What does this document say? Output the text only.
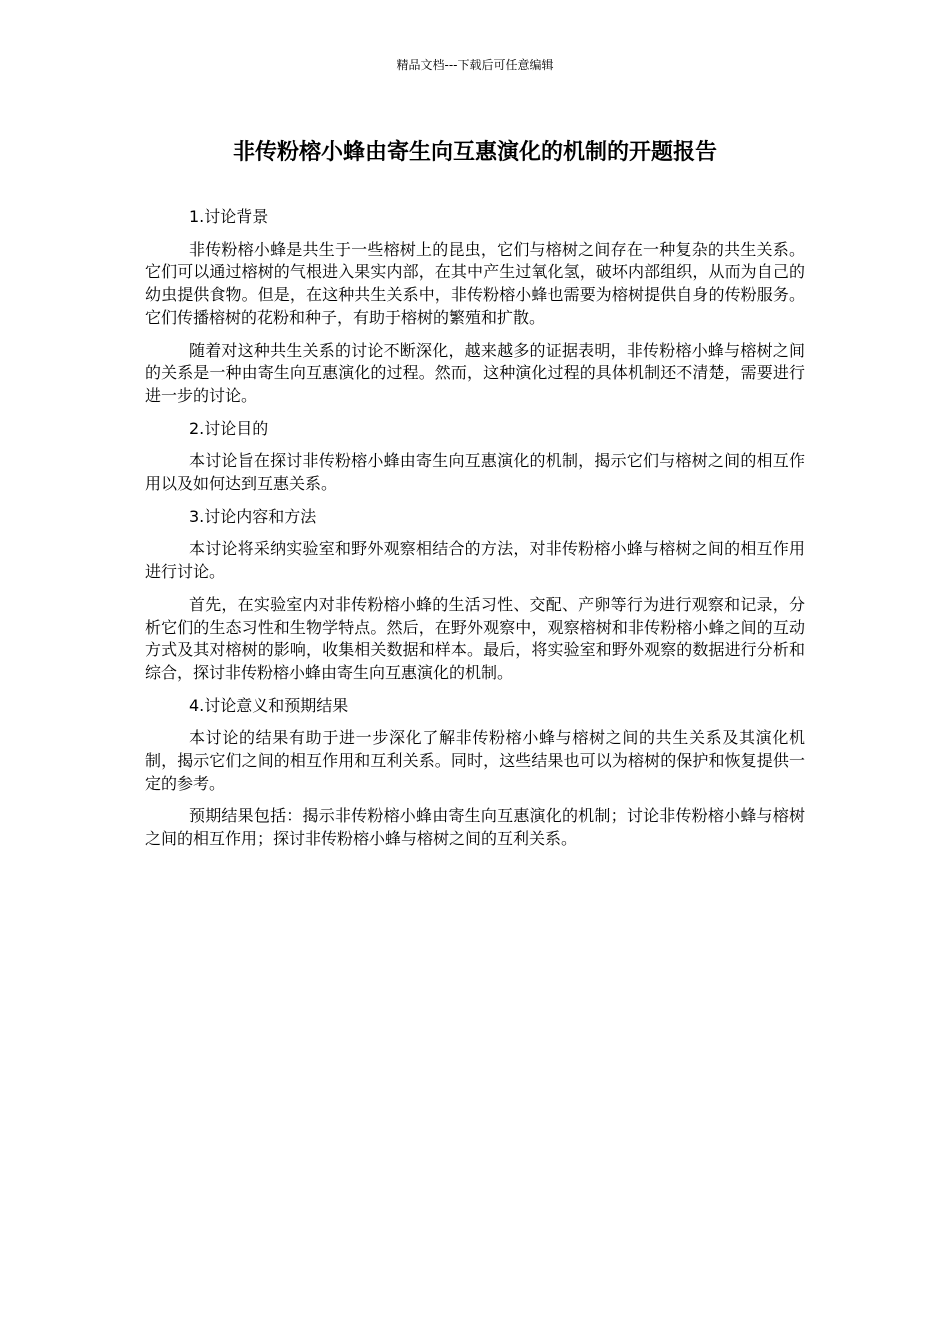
精品文档---下载后可任意编辑
非传粉榕小蜂由寄生向互惠演化的机制的开题报告
1.讨论背景

非传粉榕小蜂是共生于一些榕树上的昆虫，它们与榕树之间存在一种复杂的共生关系。它们可以通过榕树的气根进入果实内部，在其中产生过氧化氢，破坏内部组织，从而为自己的幼虫提供食物。但是，在这种共生关系中，非传粉榕小蜂也需要为榕树提供自身的传粉服务。它们传播榕树的花粉和种子，有助于榕树的繁殖和扩散。

随着对这种共生关系的讨论不断深化，越来越多的证据表明，非传粉榕小蜂与榕树之间的关系是一种由寄生向互惠演化的过程。然而，这种演化过程的具体机制还不清楚，需要进行进一步的讨论。

2.讨论目的

本讨论旨在探讨非传粉榕小蜂由寄生向互惠演化的机制，揭示它们与榕树之间的相互作用以及如何达到互惠关系。

3.讨论内容和方法

本讨论将采纳实验室和野外观察相结合的方法，对非传粉榕小蜂与榕树之间的相互作用进行讨论。

首先，在实验室内对非传粉榕小蜂的生活习性、交配、产卵等行为进行观察和记录，分析它们的生态习性和生物学特点。然后，在野外观察中，观察榕树和非传粉榕小蜂之间的互动方式及其对榕树的影响，收集相关数据和样本。最后，将实验室和野外观察的数据进行分析和综合，探讨非传粉榕小蜂由寄生向互惠演化的机制。

4.讨论意义和预期结果

本讨论的结果有助于进一步深化了解非传粉榕小蜂与榕树之间的共生关系及其演化机制，揭示它们之间的相互作用和互利关系。同时，这些结果也可以为榕树的保护和恢复提供一定的参考。

预期结果包括：揭示非传粉榕小蜂由寄生向互惠演化的机制；讨论非传粉榕小蜂与榕树之间的相互作用；探讨非传粉榕小蜂与榕树之间的互利关系。
